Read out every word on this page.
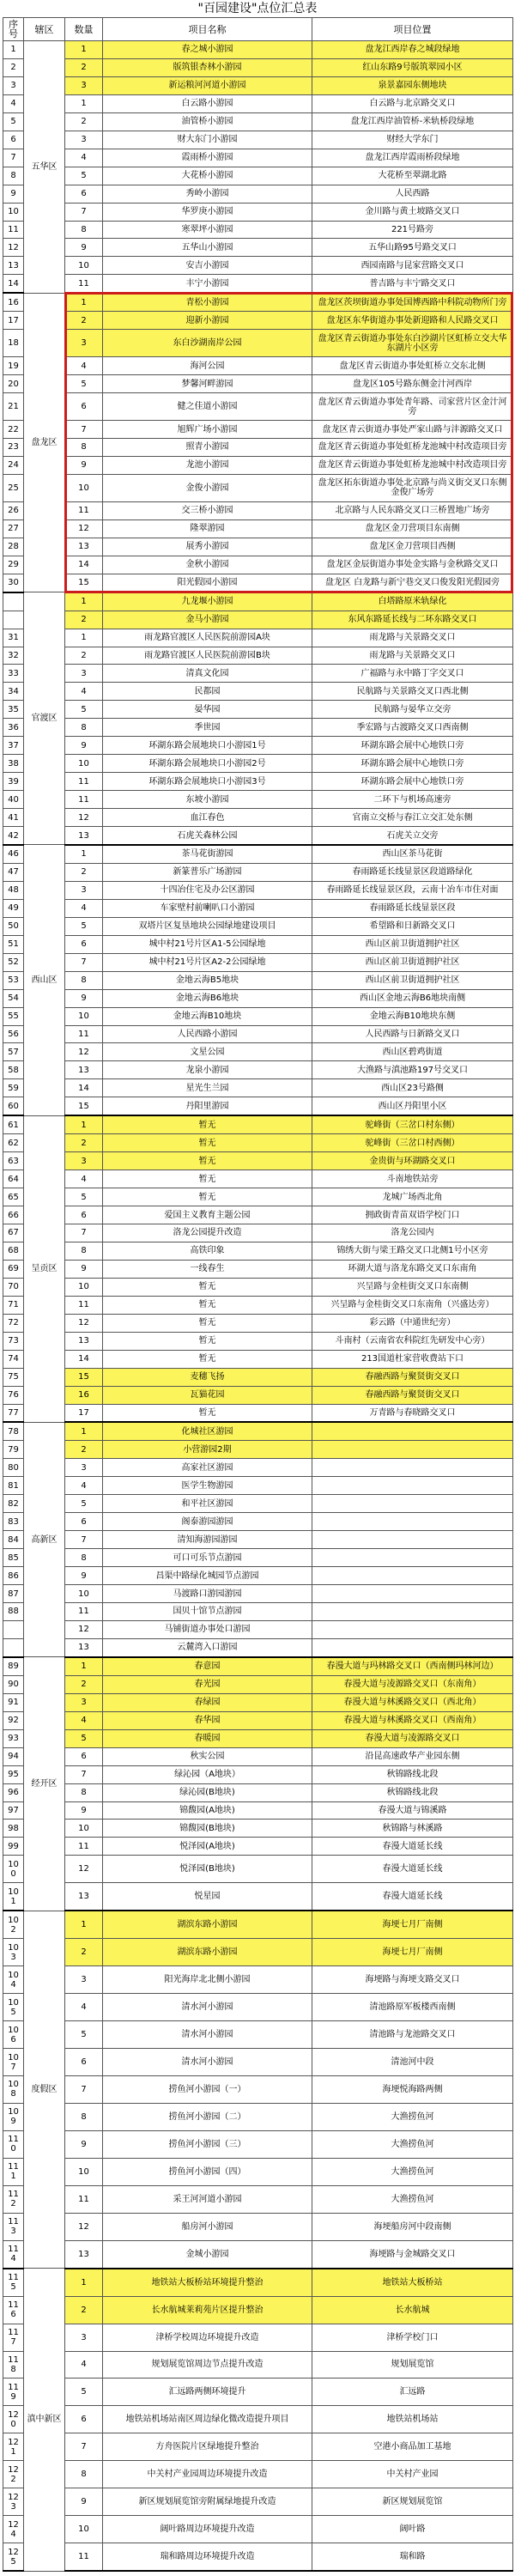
"百园建设"点位汇总表
序号	辖区	数量	项目名称	项目位置
1	五华区	1	春之城小游园	盘龙江西岸春之城段绿地
2		2	版筑银杏林小游园	红山东路9号版筑翠园小区
3		3	新运粮河河道小游园	泉景嘉园东侧地块
4		1	白云路小游园	白云路与北京路交叉口
5		2	油管桥小游园	盘龙江西岸油管桥-米轨桥段绿地
6		3	财大东门小游园	财经大学东门
7		4	霞雨桥小游园	盘龙江西岸霞雨桥段绿地
8		5	大花桥小游园	大花桥至翠湖北路
9		6	秀岭小游园	人民西路
10		7	华罗庚小游园	金川路与黄土坡路交叉口
11		8	寒翠坪小游园	221号路旁
12		9	五华山小游园	五华山路95号路交叉口
13		10	安吉小游园	西园南路与昆家营路交叉口
14		11	丰宁小游园	普吉路与丰宁路交叉口
16	盘龙区	1	青松小游园	盘龙区茨坝街道办事处国博西路中科院动物所门旁
17		2	迎新小游园	盘龙区东华街道办事处新迎路和人民路交叉口
18		3	东白沙湖南岸公园	盘龙区青云街道办事处东白沙湖片区虹桥立交大华东湖片小区旁
19		4	海河公园	盘龙区青云街道办事处虹桥立交东北侧
20		5	梦馨河畔游园	盘龙区105号路东侧金汁河西岸
21		6	健之佳道小游园	盘龙区青云街道办事处青年路、司家营片区金汁河旁
22		7	旭辉广场小游园	盘龙区青云街道办事处严家山路与沣源路交叉口
23		8	照青小游园	盘龙区青云街道办事处虹桥龙池城中村改造项目旁
24		9	龙池小游园	盘龙区青云街道办事处虹桥龙池城中村改造项目旁
25		10	金俊小游园	盘龙区拓东街道办事处北京路与尚义街交叉口东侧金俊广场旁
26		11	交三桥小游园	北京路与人民东路交叉口三桥置地广场旁
27		12	隆翠游园	盘龙区金刀营项目东南侧
28		13	展秀小游园	盘龙区金刀营项目西侧
29		14	金秋小游园	盘龙区金辰街道办事处金实路与金秋路交叉口
30		15	阳光假园小游园	盘龙区 白龙路与新宁巷交叉口俊发阳光假园旁
	官渡区	1	九龙堰小游园	白塔路原米轨绿化
		2	金马小游园	东风东路延长线与二环东路交叉口
31		1	雨龙路官渡区人民医院前游园A块	雨龙路与关景路交叉口
32		2	雨龙路官渡区人民医院前游园B块	雨龙路与关景路交叉口
33		3	清真文化园	广福路与永中路丁字交叉口
34		4	民都园	民航路与关景路交叉口西北侧
35		5	晏华园	民航路与晏华立交旁
36		8	季世园	季宏路与古渡路交叉口西南侧
37		9	环湖东路会展地块口小游园1号	环湖东路会展中心地铁口旁
38		10	环湖东路会展地块口小游园2号	环湖东路会展中心地铁口旁
39		11	环湖东路会展地块口小游园3号	环湖东路会展中心地铁口旁
40		11	东坡小游园	二环下与机场高速旁
41		12	血江春色	官南立交桥与春江立交汇处东侧
42		13	石虎关森林公园	石虎关立交旁
46	西山区	1	茶马花街游园	西山区茶马花街
47		2	新篆普乐广场游园	春雨路延长线显景区段道路绿化
48		3	十四冶住宅及办公区游园	春雨路延长线显景区段，云南十冶车市住对面
49		4	车家壁村前喇叭口小游园	春雨路延长线显景区段
50		5	双塔片区复垦地块公园绿地建设项目	希望路和日新路交叉口
51		6	城中村21号片区A1-5公园绿地	西山区前卫街道拥护社区
52		7	城中村21号片区A2-2公园绿地	西山区前卫街道拥护社区
53		8	金地云海B5地块	西山区前卫街道拥护社区
54		9	金地云海B6地块	西山区金地云海B6地块南侧
55		10	金地云海B10地块	金地云海B10地块东侧
56		11	人民西路小游园	人民西路与日新路交叉口
57		12	文星公园	西山区碧鸡街道
58		13	龙泉小游园	大渔路与滇池路197号交叉口
59		14	星光生兰园	西山区23号路侧
60		15	丹阳里游园	西山区丹阳里小区
61	呈贡区	1	暂无	驼峰街（三岔口村东侧）
62		2	暂无	驼峰街（三岔口村西侧）
63		3	暂无	金贵街与环湖路交叉口
64		4	暂无	斗南地铁站旁
65		5	暂无	龙城广场西北角
66		6	爱国主义教育主题公园	拥政街青苗双语学校门口
67		7	洛龙公园提升改造	洛龙公园内
68		8	高铁印象	锦绣大街与梁王路交叉口北侧1号小区旁
69		9	一线春生	环湖大道与洛龙东路交叉口东南角
70		10	暂无	兴呈路与金桂街交叉口东南侧
71		11	暂无	兴呈路与金桂街交叉口东南角（兴盛达旁）
72		12	暂无	彩云路（中通世纪旁）
73		13	暂无	斗南村（云南省农科院红先研发中心旁）
74		14	暂无	213国道杜家营收费站下口
75		15	麦穗飞扬	春融西路与聚贤街交叉口
76		16	瓦猫花园	春融西路与聚贤街交叉口
77		17	暂无	万青路与春晓路交叉口
78	高新区	1	化城社区游园	
79		2	小营游园2期	
80		3	高家社区游园	
81		4	医学生物游园	
82		5	和平社区游园	
83		6	阁泰游园游园	
84		7	清知海游园游园	
85		8	可口可乐节点游园	
86		9	昌渠中路绿化城园节点游园	
87		10	马渡路口游园游园	
88		11	国贝十馆节点游园	
		12	马铺街道办事处口游园	
		13	云麓湾入口游园	
89	经开区	1	春意园	春漫大道与玛林路交叉口（西南侧玛林河边）
90		2	春光园	春漫大道与凌源路交叉口（东南角）
91		3	春绿园	春漫大道与林溪路交叉口（西北角）
92		4	春华园	春漫大道与林溪路交叉口（西南角）
93		5	春暖园	春漫大道与凌源路交叉口
94		6	秋实公园	沿昆高速政华产业园东侧
95		7	绿沁园（A地块）	秋锦路线北段
96		8	绿沁园(B地块)	秋锦路线北段
97		9	锦馥园(A地块)	春漫大道与锦溪路
98		10	锦馥园(B地块)	秋锦路与林溪路
99		11	悦泽园(A地块)	春漫大道延长线
100		12	悦泽园(B地块)	春漫大道延长线
101		13	悦星园	春漫大道延长线
102	度假区	1	湖滨东路小游园	海埂七月厂南侧
103		2	湖滨东路小游园	海埂七月厂南侧
104		3	阳光海岸北北侧小游园	海埂路与海埂支路交叉口
105		4	清水河小游园	清池路原军板楼西南侧
106		5	清水河小游园	清池路与龙池路交叉口
107		6	清水河小游园	清池河中段
108		7	捞鱼河小游园（一）	海埂悦海路两侧
109		8	捞鱼河小游园（二）	大渔捞鱼河
110		9	捞鱼河小游园（三）	大渔捞鱼河
111		10	捞鱼河小游园（四）	大渔捞鱼河
112		11	采王河河道小游园	大渔捞鱼河
113		12	船房河小游园	海埂船房河中段南侧
114		13	金城小游园	海埂路与金城路交叉口
115	滇中新区	1	地铁站大板桥站环境提升整治	地铁站大板桥站
116		2	长水航城莱莉苑片区提升整治	长水航城
117		3	津桥学校周边环境提升改造	津桥学校门口
118		4	规划展览馆周边节点提升改造	规划展览馆
119		5	汇远路两侧环境提升	汇远路
120		6	地铁站机场站南区周边绿化微改造提升项目	地铁站机场站
121		7	方舟医院片区绿地提升整治	空港小商品加工基地
122		8	中关村产业园周边环境提升改造	中关村产业园
123		9	新区规划展览馆旁附属绿地提升改造	新区规划展览馆
124		10	阔叶路周边环境提升改造	阔叶路
125		11	瑞和路周边环境提升改造	瑞和路
